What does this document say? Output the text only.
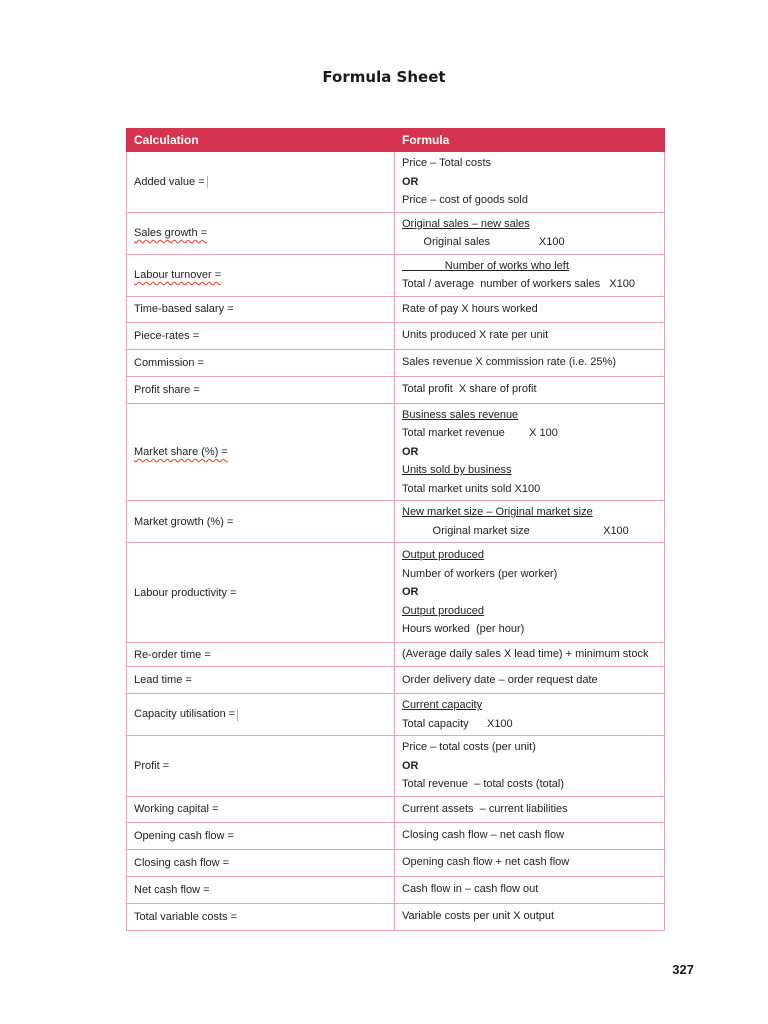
Formula Sheet
Calculation	Formula
Added value =	Price – Total costs
OR
Price – cost of goods sold

Sales growth =	Original sales – new sales
Original sales                X100

Labour turnover =	Number of works who left
Total / average  number of workers sales   X100

Time-based salary =	Rate of pay X hours worked

Piece-rates =	Units produced X rate per unit

Commission =	Sales revenue X commission rate (i.e. 25%)

Profit share =	Total profit  X share of profit

Market share (%) =	Business sales revenue
Total market revenue        X 100
OR
Units sold by business
Total market units sold X100

Market growth (%) =	New market size – Original market size
Original market size                        X100

Labour productivity =	Output produced
Number of workers (per worker)
OR
Output produced
Hours worked  (per hour)

Re-order time =	(Average daily sales X lead time) + minimum stock

Lead time =	Order delivery date – order request date

Capacity utilisation =	Current capacity
Total capacity      X100

Profit =	Price – total costs (per unit)
OR
Total revenue  – total costs (total)

Working capital =	Current assets  – current liabilities

Opening cash flow =	Closing cash flow – net cash flow

Closing cash flow =	Opening cash flow + net cash flow

Net cash flow =	Cash flow in – cash flow out

Total variable costs =	Variable costs per unit X output
327
